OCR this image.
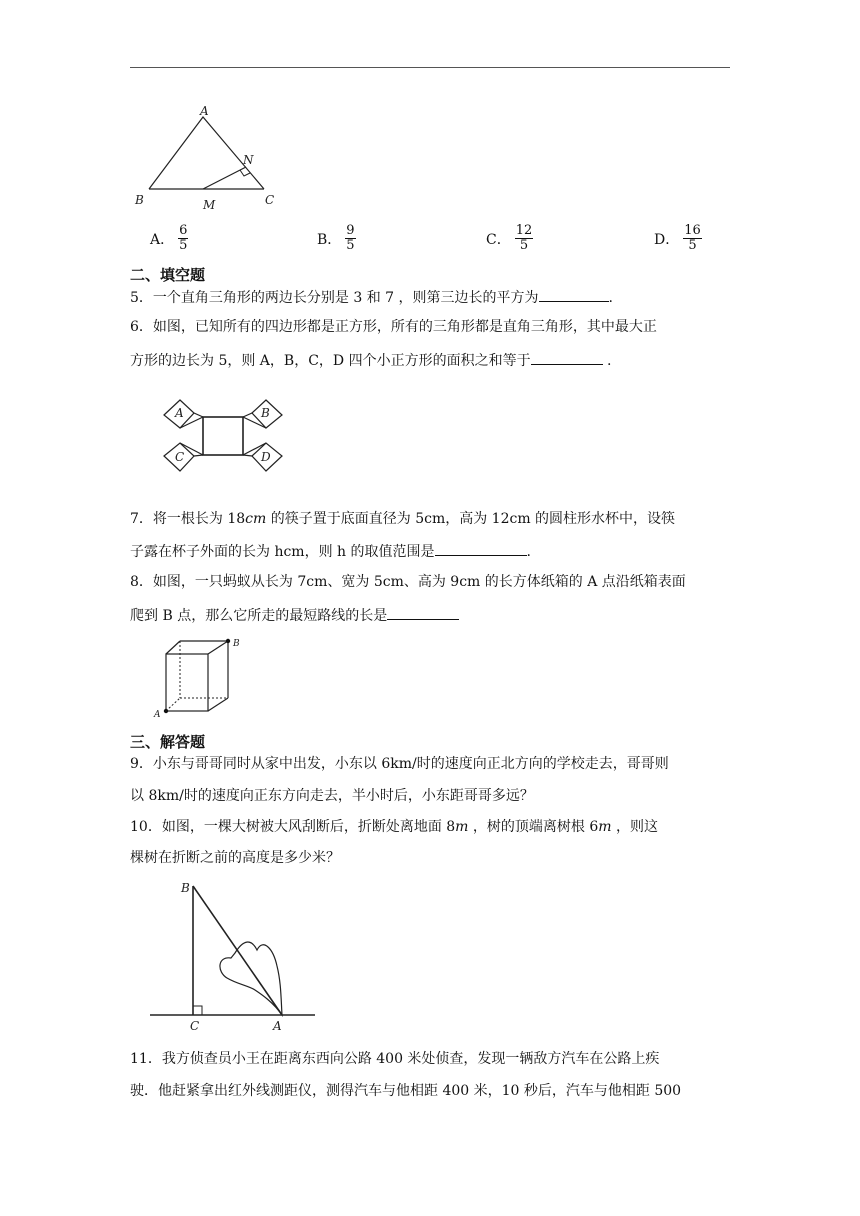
A
N
B	M	C
A． $\frac{6}{5}$	B． $\frac{9}{5}$	C． $\frac{12}{5}$	D． $\frac{16}{5}$
二、填空题
5．一个直角三角形的两边长分别是 3 和 7 ，则第三边长的平方为	.
6．如图，已知所有的四边形都是正方形，所有的三角形都是直角三角形，其中最大正
方形的边长为 5，则 A，B，C，D 四个小正方形的面积之和等于	.
A	B
C	D
7．将一根长为 18cm 的筷子置于底面直径为 5cm，高为 12cm 的圆柱形水杯中，设筷
子露在杯子外面的长为 hcm，则 h 的取值范围是	.
8．如图，一只蚂蚁从长为 7cm、宽为 5cm、高为 9cm 的长方体纸箱的 A 点沿纸箱表面
爬到 B 点，那么它所走的最短路线的长是
A
B
三、解答题
9．小东与哥哥同时从家中出发，小东以 6km/时的速度向正北方向的学校走去，哥哥则
以 8km/时的速度向正东方向走去，半小时后，小东距哥哥多远？
10．如图，一棵大树被大风刮断后，折断处离地面 8m ，树的顶端离树根 6m ，则这
棵树在折断之前的高度是多少米？
B
C	A
11．我方侦查员小王在距离东西向公路 400 米处侦查，发现一辆敌方汽车在公路上疾
驶．他赶紧拿出红外线测距仪，测得汽车与他相距 400 米，10 秒后，汽车与他相距 500
